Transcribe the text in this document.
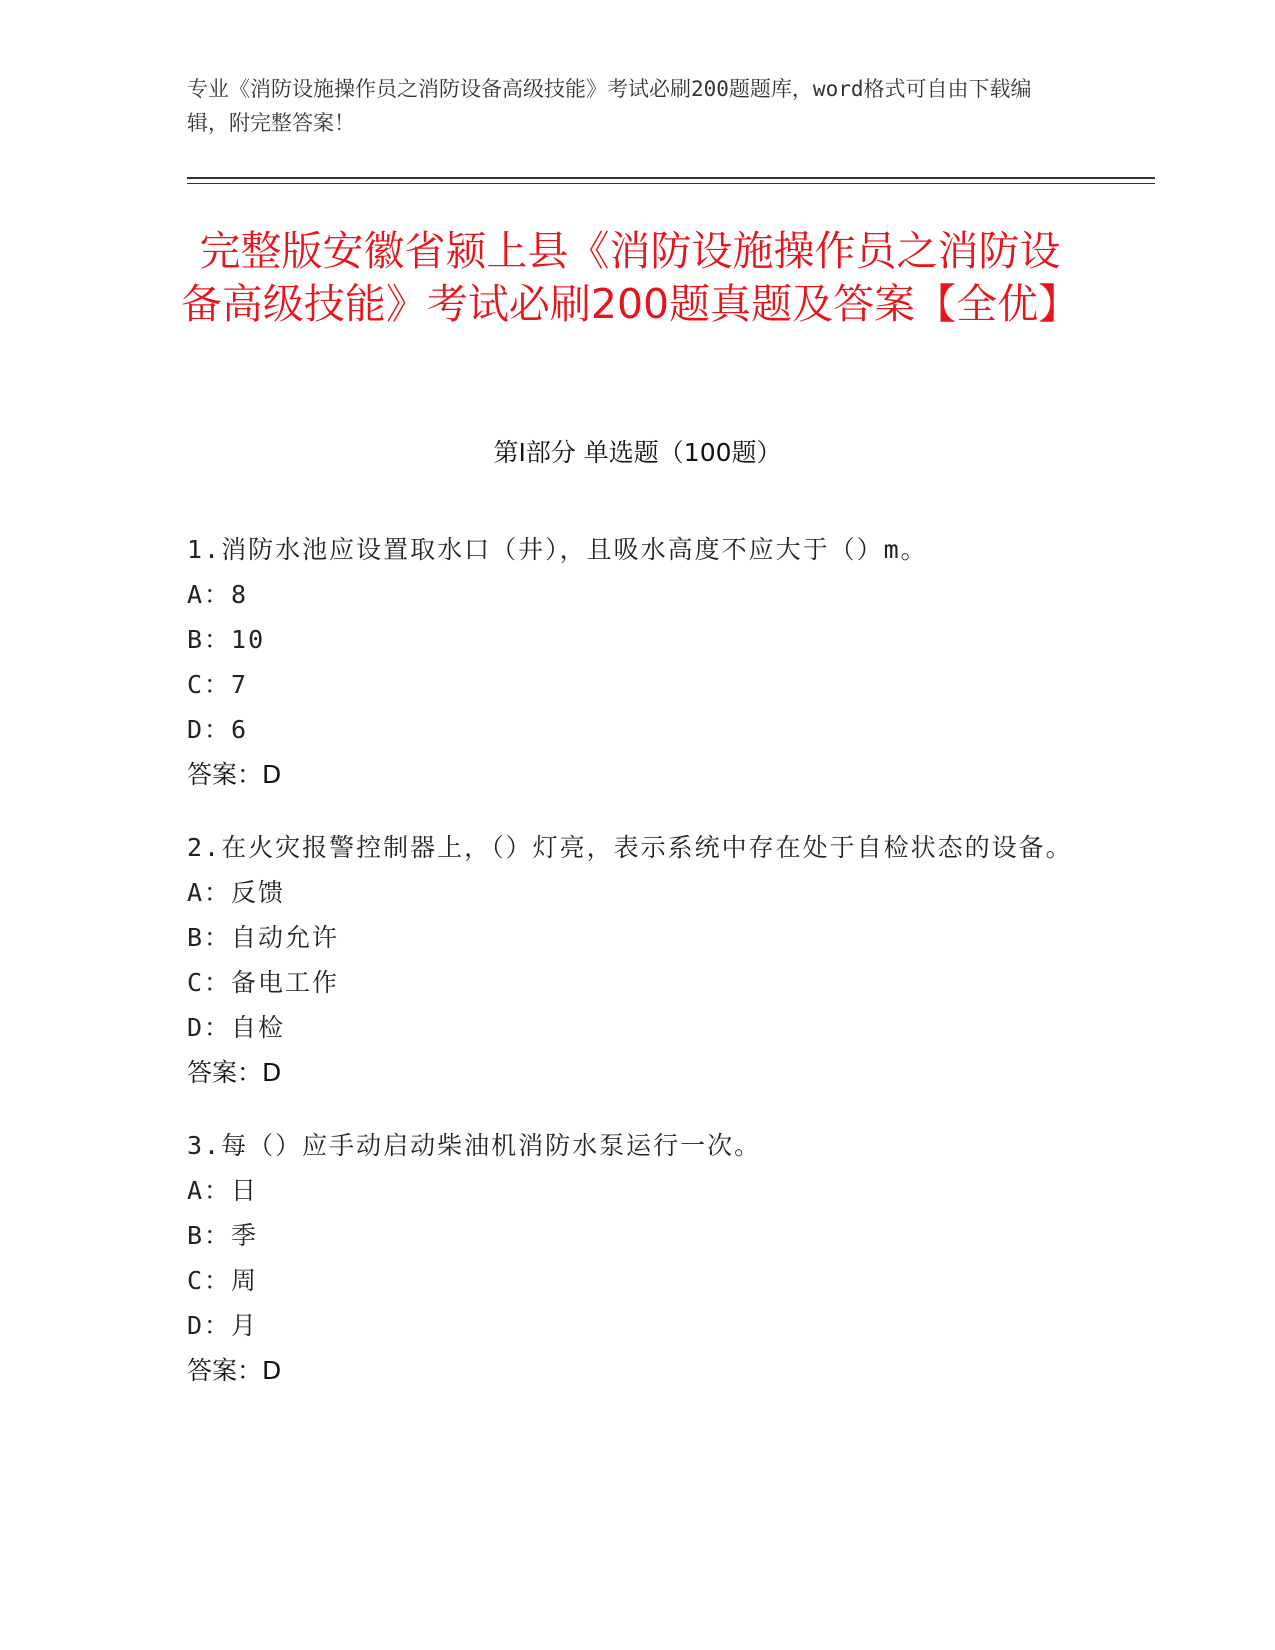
专业《消防设施操作员之消防设备高级技能》考试必刷200题题库，word格式可自由下载编辑，附完整答案！
完整版安徽省颍上县《消防设施操作员之消防设备高级技能》考试必刷200题真题及答案【全优】
第Ⅰ部分 单选题（100题）
1.消防水池应设置取水口（井），且吸水高度不应大于（）m。
A：8
B：10
C：7
D：6
答案：D
2.在火灾报警控制器上，（）灯亮，表示系统中存在处于自检状态的设备。
A：反馈
B：自动允许
C：备电工作
D：自检
答案：D
3.每（）应手动启动柴油机消防水泵运行一次。
A：日
B：季
C：周
D：月
答案：D
